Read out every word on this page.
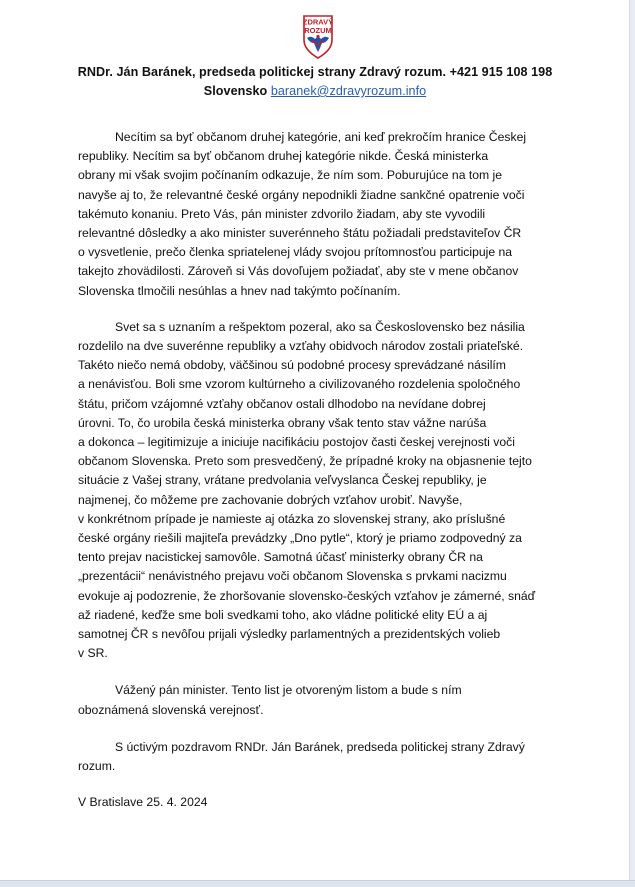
ZDRAVÝ
ROZUM
RNDr. Ján Baránek, predseda politickej strany Zdravý rozum. +421 915 108 198
Slovensko baranek@zdravyrozum.info

Necítim sa byť občanom druhej kategórie, ani keď prekročím hranice Českej
republiky. Necítim sa byť občanom druhej kategórie nikde. Česká ministerka
obrany mi však svojim počínaním odkazuje, že ním som. Poburujúce na tom je
navyše aj to, že relevantné české orgány nepodnikli žiadne sankčné opatrenie voči
takémuto konaniu. Preto Vás, pán minister zdvorilo žiadam, aby ste vyvodili
relevantné dôsledky a ako minister suverénneho štátu požiadali predstaviteľov ČR
o vysvetlenie, prečo členka spriatelenej vlády svojou prítomnosťou participuje na
takejto zhovädilosti. Zároveň si Vás dovoľujem požiadať, aby ste v mene občanov
Slovenska tlmočili nesúhlas a hnev nad takýmto počínaním.

Svet sa s uznaním a rešpektom pozeral, ako sa Československo bez násilia
rozdelilo na dve suverénne republiky a vzťahy obidvoch národov zostali priateľské.
Takéto niečo nemá obdoby, väčšinou sú podobné procesy sprevádzané násilím
a nenávisťou. Boli sme vzorom kultúrneho a civilizovaného rozdelenia spoločného
štátu, pričom vzájomné vzťahy občanov ostali dlhodobo na nevídane dobrej
úrovni. To, čo urobila česká ministerka obrany však tento stav vážne narúša
a dokonca – legitimizuje a iniciuje nacifikáciu postojov časti českej verejnosti voči
občanom Slovenska. Preto som presvedčený, že prípadné kroky na objasnenie tejto
situácie z Vašej strany, vrátane predvolania veľvyslanca Českej republiky, je
najmenej, čo môžeme pre zachovanie dobrých vzťahov urobiť. Navyše,
v konkrétnom prípade je namieste aj otázka zo slovenskej strany, ako príslušné
české orgány riešili majiteľa prevádzky „Dno pytle“, ktorý je priamo zodpovedný za
tento prejav nacistickej samovôle. Samotná účasť ministerky obrany ČR na
„prezentácii“ nenávistného prejavu voči občanom Slovenska s prvkami nacizmu
evokuje aj podozrenie, že zhoršovanie slovensko-českých vzťahov je zámerné, snáď
až riadené, keďže sme boli svedkami toho, ako vládne politické elity EÚ a aj
samotnej ČR s nevôľou prijali výsledky parlamentných a prezidentských volieb
v SR.

Vážený pán minister. Tento list je otvoreným listom a bude s ním
oboznámená slovenská verejnosť.

S úctivým pozdravom RNDr. Ján Baránek, predseda politickej strany Zdravý
rozum.

V Bratislave 25. 4. 2024
